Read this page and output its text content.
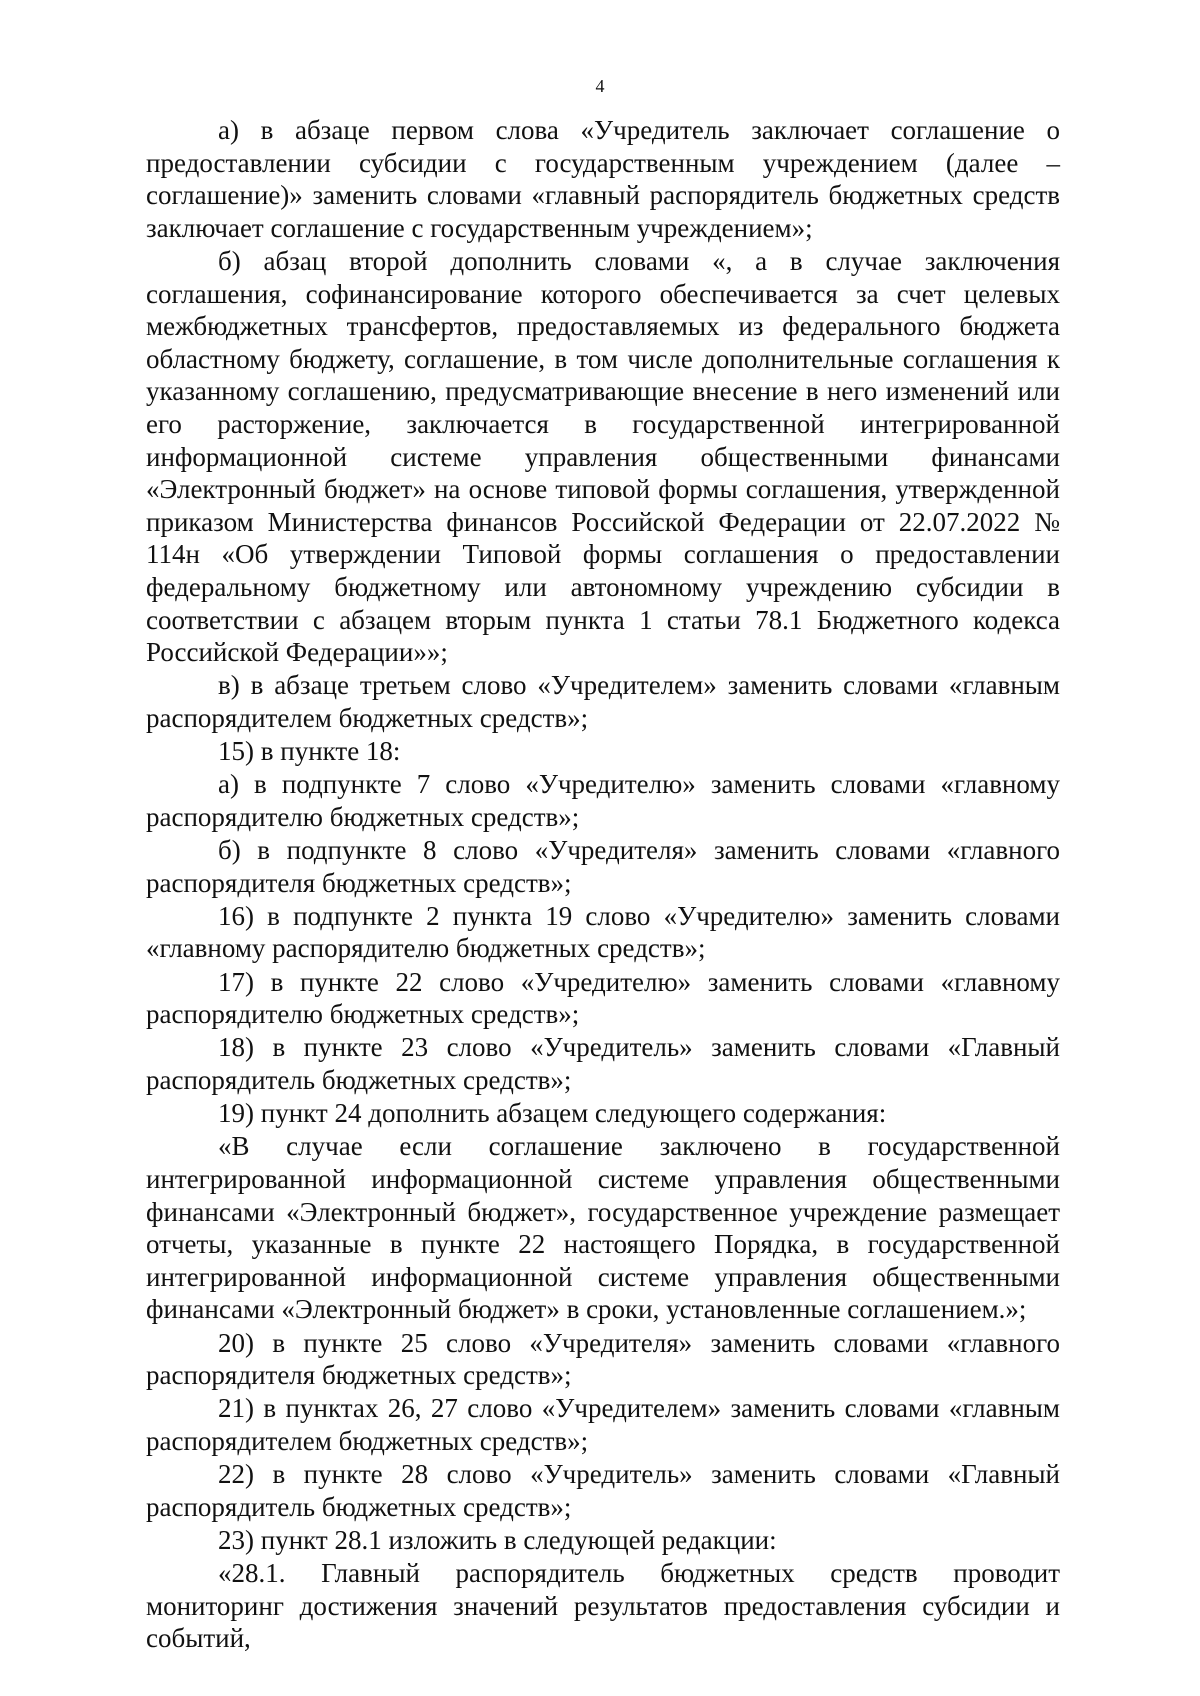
4

а) в абзаце первом слова «Учредитель заключает соглашение о предоставлении субсидии с государственным учреждением (далее – соглашение)» заменить словами «главный распорядитель бюджетных средств заключает соглашение с государственным учреждением»;

б) абзац второй дополнить словами «, а в случае заключения соглашения, софинансирование которого обеспечивается за счет целевых межбюджетных трансфертов, предоставляемых из федерального бюджета областному бюджету, соглашение, в том числе дополнительные соглашения к указанному соглашению, предусматривающие внесение в него изменений или его расторжение, заключается в государственной интегрированной информационной системе управления общественными финансами «Электронный бюджет» на основе типовой формы соглашения, утвержденной приказом Министерства финансов Российской Федерации от 22.07.2022 № 114н «Об утверждении Типовой формы соглашения о предоставлении федеральному бюджетному или автономному учреждению субсидии в соответствии с абзацем вторым пункта 1 статьи 78.1 Бюджетного кодекса Российской Федерации»»;

в) в абзаце третьем слово «Учредителем» заменить словами «главным распорядителем бюджетных средств»;

15) в пункте 18:

а) в подпункте 7 слово «Учредителю» заменить словами «главному распорядителю бюджетных средств»;

б) в подпункте 8 слово «Учредителя» заменить словами «главного распорядителя бюджетных средств»;

16) в подпункте 2 пункта 19 слово «Учредителю» заменить словами «главному распорядителю бюджетных средств»;

17) в пункте 22 слово «Учредителю» заменить словами «главному распорядителю бюджетных средств»;

18) в пункте 23 слово «Учредитель» заменить словами «Главный распорядитель бюджетных средств»;

19) пункт 24 дополнить абзацем следующего содержания:

«В случае если соглашение заключено в государственной интегрированной информационной системе управления общественными финансами «Электронный бюджет», государственное учреждение размещает отчеты, указанные в пункте 22 настоящего Порядка, в государственной интегрированной информационной системе управления общественными финансами «Электронный бюджет» в сроки, установленные соглашением.»;

20) в пункте 25 слово «Учредителя» заменить словами «главного распорядителя бюджетных средств»;

21) в пунктах 26, 27 слово «Учредителем» заменить словами «главным распорядителем бюджетных средств»;

22) в пункте 28 слово «Учредитель» заменить словами «Главный распорядитель бюджетных средств»;

23) пункт 28.1 изложить в следующей редакции:

«28.1. Главный распорядитель бюджетных средств проводит мониторинг достижения значений результатов предоставления субсидии и событий,
